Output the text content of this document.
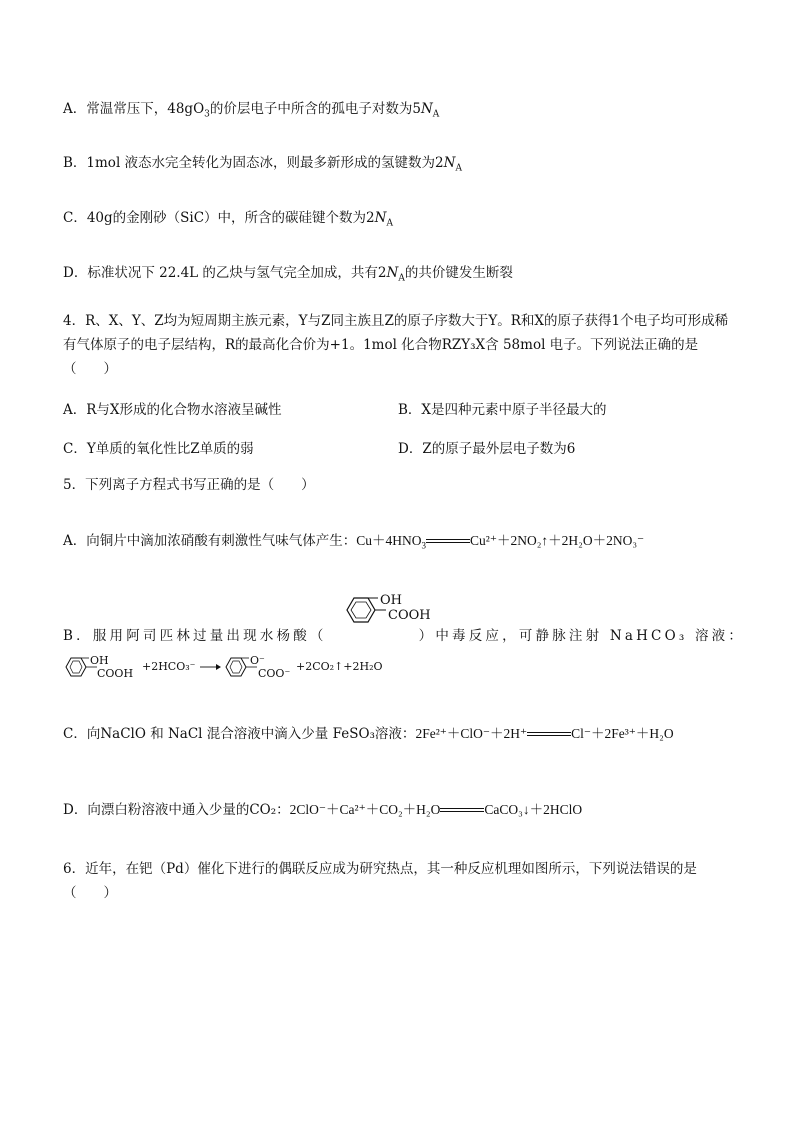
A．常温常压下，$48gO_3$的价层电子中所含的孤电子对数为$5N_A$
B．1mol 液态水完全转化为固态冰，则最多新形成的氢键数为$2N_A$
C．40g的金刚砂（SiC）中，所含的碳硅键个数为$2N_A$
D．标准状况下 22.4L 的乙炔与氢气完全加成，共有$2N_A$的共价键发生断裂
4．R、X、Y、Z均为短周期主族元素，Y与Z同主族且Z的原子序数大于Y。R和X的原子获得1个电子均可形成稀有气体原子的电子层结构，R的最高化合价为+1。1mol 化合物RZY₃X含 58mol 电子。下列说法正确的是（　　）
A．R与X形成的化合物水溶液呈碱性	B．X是四种元素中原子半径最大的
C．Y单质的氧化性比Z单质的弱	D．Z的原子最外层电子数为6
5．下列离子方程式书写正确的是（　　）
A．向铜片中滴加浓硝酸有刺激性气味气体产生：$Cu+4HNO_3$	Cu²⁺＋2NO₂↑＋2H₂O＋2NO₃⁻
B．服用阿司匹林过量出现水杨酸（	）中毒反应，可静脉注射 NaHCO₃ 溶液：
OH
COOH
OH
COOH
+2HCO₃⁻	O⁻
COO⁻
+2CO₂↑+2H₂O
C．向NaClO 和 NaCl 混合溶液中滴入少量 FeSO₃溶液：2Fe²⁺＋ClO⁻＋2H⁺	Cl⁻＋2Fe³⁺＋H₂O
D．向漂白粉溶液中通入少量的CO₂：2ClO⁻＋Ca²⁺＋CO₂＋H₂O	CaCO₃↓＋2HClO
6．近年，在钯（Pd）催化下进行的偶联反应成为研究热点，其一种反应机理如图所示，下列说法错误的是（　　）
